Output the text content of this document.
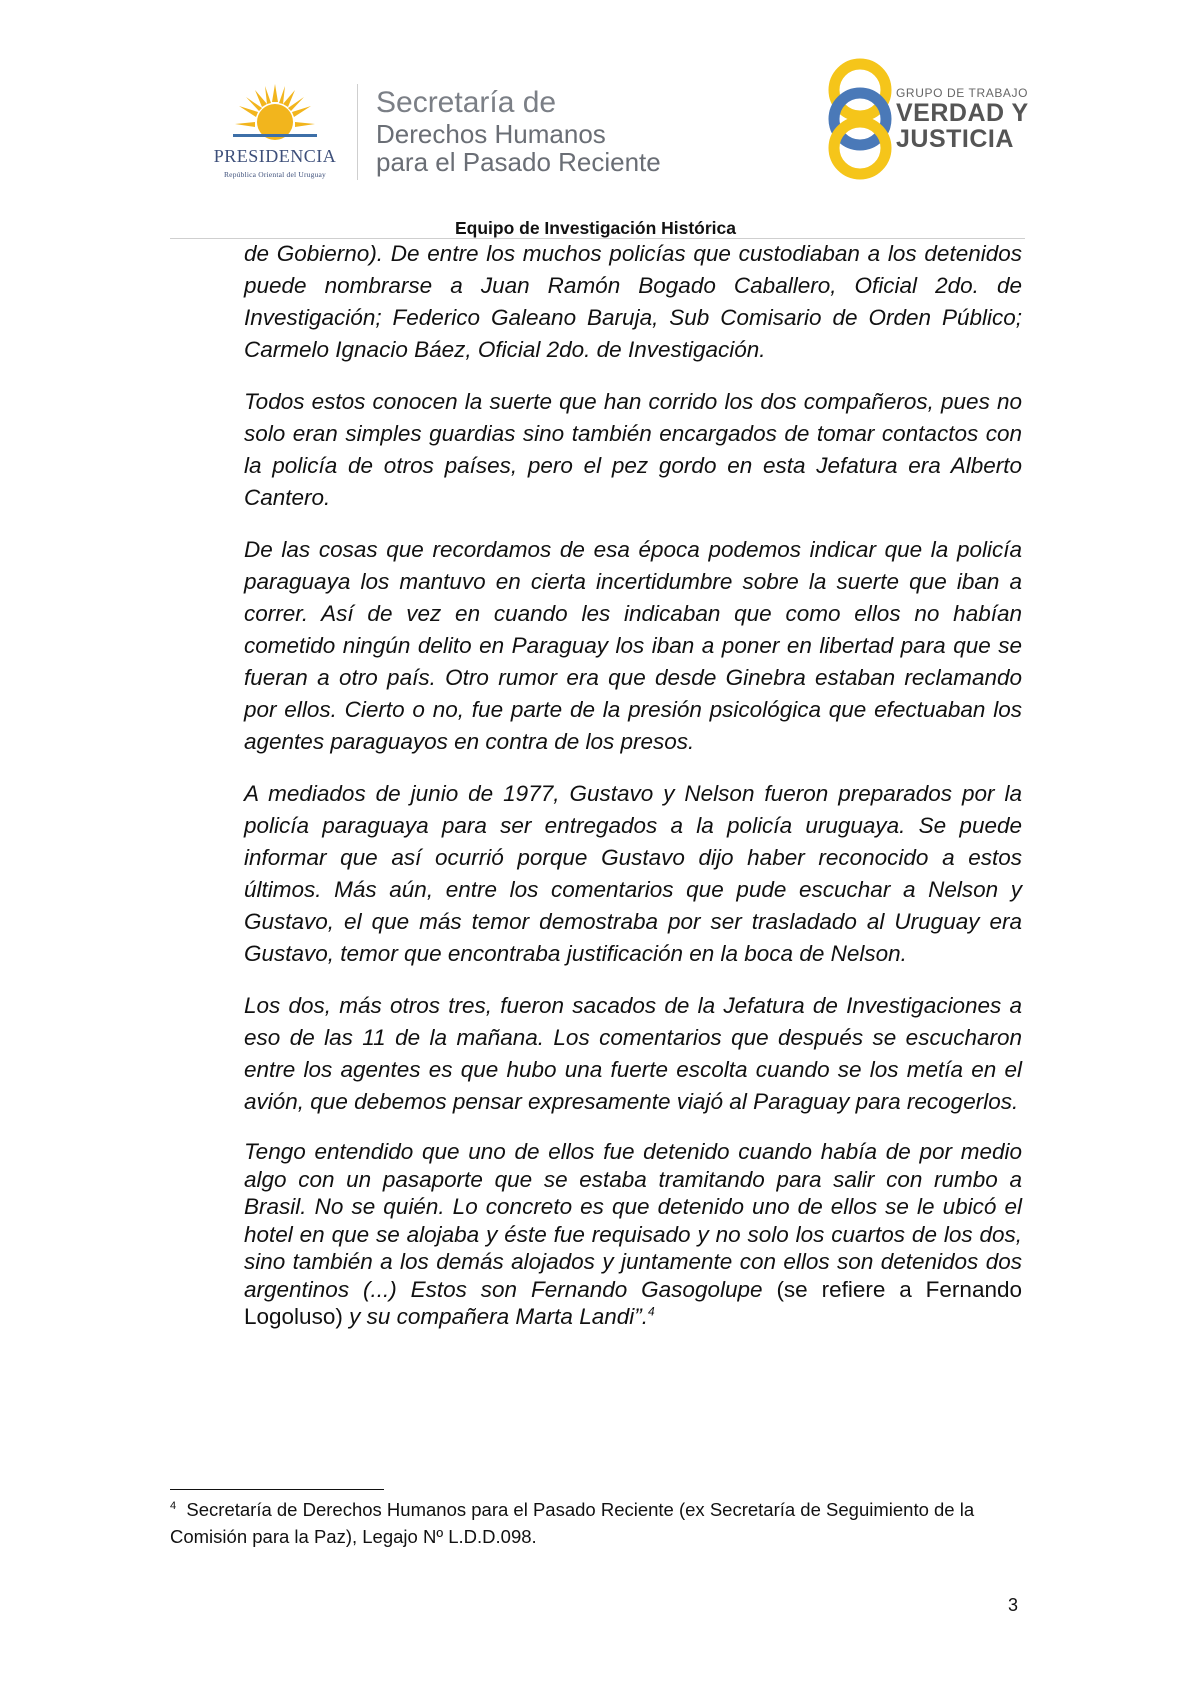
PRESIDENCIA
República Oriental del Uruguay
Secretaría de
Derechos Humanos
para el Pasado Reciente
GRUPO DE TRABAJO
VERDAD Y
JUSTICIA
Equipo de Investigación Histórica

de Gobierno). De entre los muchos policías que custodiaban a los detenidos puede nombrarse a Juan Ramón Bogado Caballero, Oficial 2do. de Investigación; Federico Galeano Baruja, Sub Comisario de Orden Público; Carmelo Ignacio Báez, Oficial 2do. de Investigación.

Todos estos conocen la suerte que han corrido los dos compañeros, pues no solo eran simples guardias sino también encargados de tomar contactos con la policía de otros países, pero el pez gordo en esta Jefatura era Alberto Cantero.

De las cosas que recordamos de esa época podemos indicar que la policía paraguaya los mantuvo en cierta incertidumbre sobre la suerte que iban a correr. Así de vez en cuando les indicaban que como ellos no habían cometido ningún delito en Paraguay los iban a poner en libertad para que se fueran a otro país. Otro rumor era que desde Ginebra estaban reclamando por ellos. Cierto o no, fue parte de la presión psicológica que efectuaban los agentes paraguayos en contra de los presos.

A mediados de junio de 1977, Gustavo y Nelson fueron preparados por la policía paraguaya para ser entregados a la policía uruguaya. Se puede informar que así ocurrió porque Gustavo dijo haber reconocido a estos últimos. Más aún, entre los comentarios que pude escuchar a Nelson y Gustavo, el que más temor demostraba por ser trasladado al Uruguay era Gustavo, temor que encontraba justificación en la boca de Nelson.

Los dos, más otros tres, fueron sacados de la Jefatura de Investigaciones a eso de las 11 de la mañana. Los comentarios que después se escucharon entre los agentes es que hubo una fuerte escolta cuando se los metía en el avión, que debemos pensar expresamente viajó al Paraguay para recogerlos.

Tengo entendido que uno de ellos fue detenido cuando había de por medio algo con un pasaporte que se estaba tramitando para salir con rumbo a Brasil. No se quién. Lo concreto es que detenido uno de ellos se le ubicó el hotel en que se alojaba y éste fue requisado y no solo los cuartos de los dos, sino también a los demás alojados y juntamente con ellos son detenidos dos argentinos (...) Estos son Fernando Gasogolupe (se refiere a Fernando Logoluso) y su compañera Marta Landi”.$^4$

$^4$ Secretaría de Derechos Humanos para el Pasado Reciente (ex Secretaría de Seguimiento de la Comisión para la Paz), Legajo Nº L.D.D.098.
3
